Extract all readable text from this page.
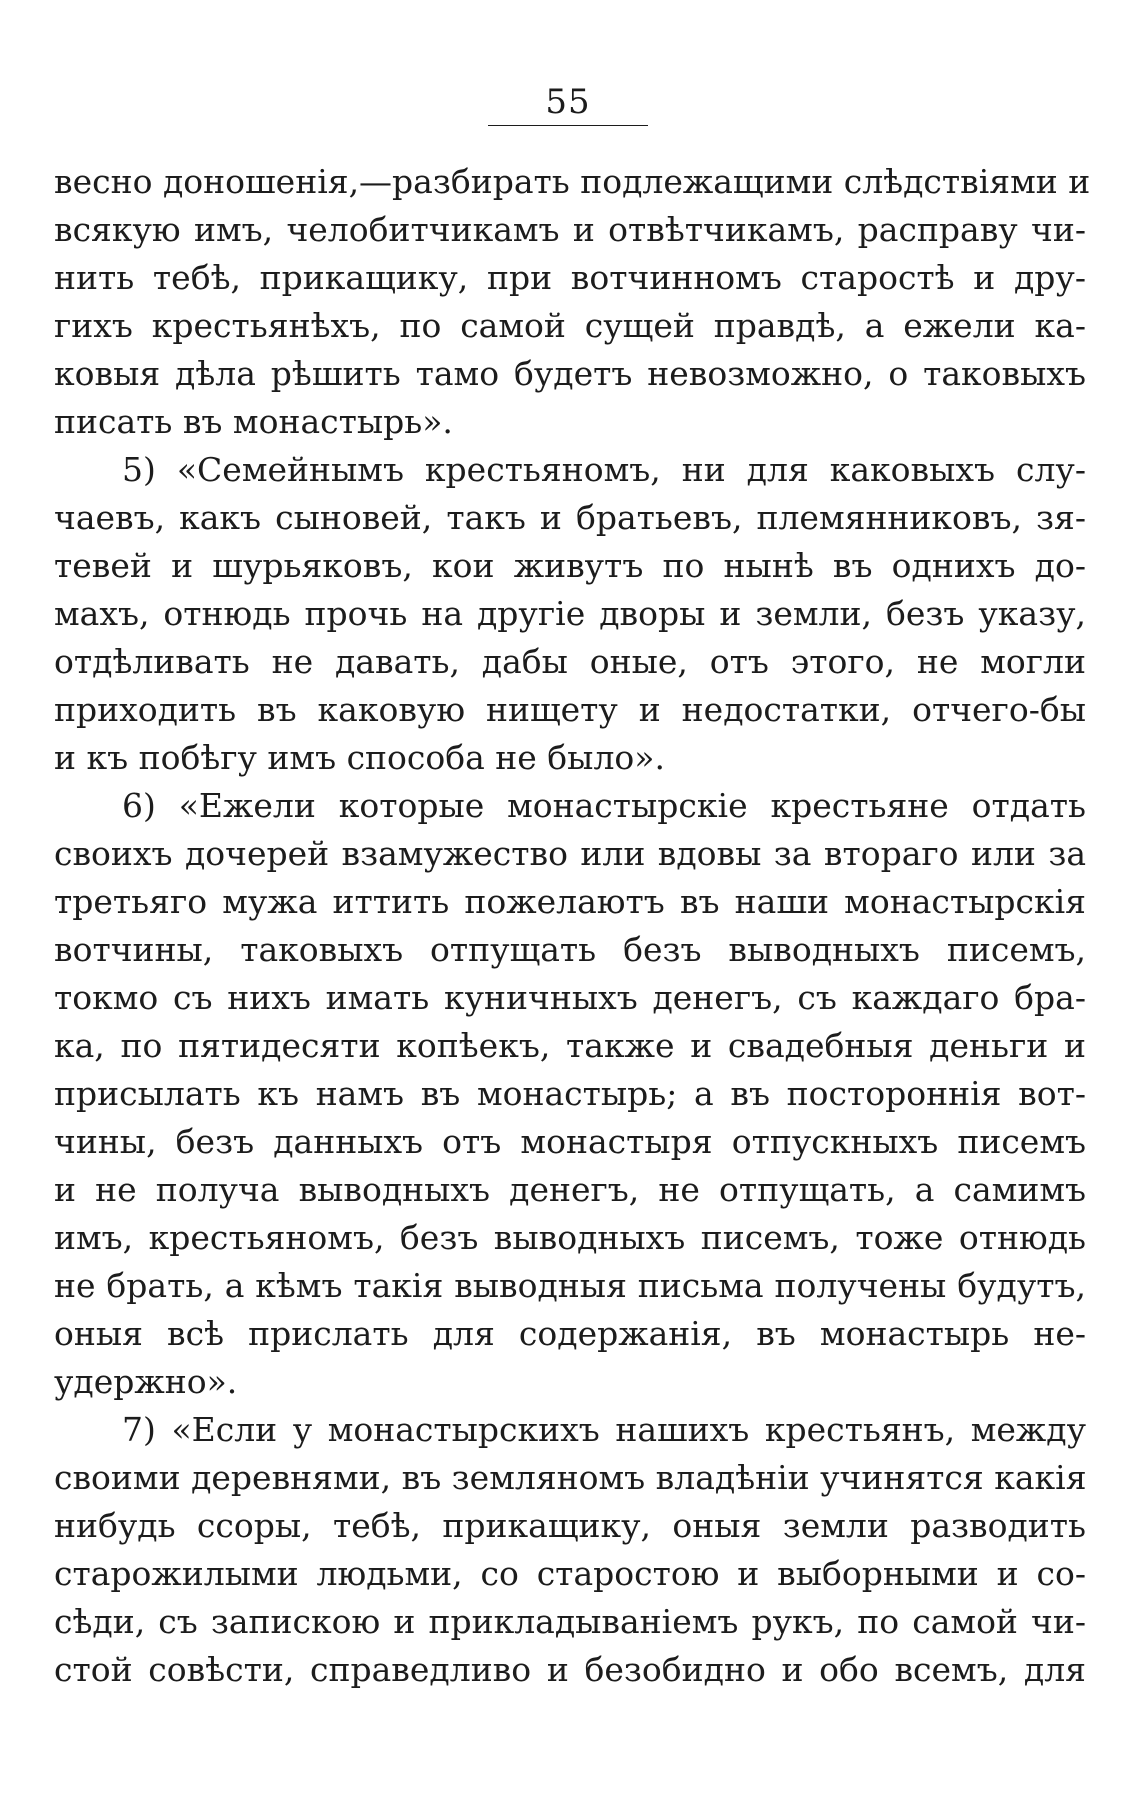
55
весно доношенія,—разбирать подлежащими слѣдствіями и
всякую имъ, челобитчикамъ и отвѣтчикамъ, расправу чи-
нить тебѣ, прикащику, при вотчинномъ старостѣ и дру-
гихъ крестьянѣхъ, по самой сущей правдѣ, а ежели ка-
ковыя дѣла рѣшить тамо будетъ невозможно, о таковыхъ
писать въ монастырь».
5) «Семейнымъ крестьяномъ, ни для каковыхъ слу-
чаевъ, какъ сыновей, такъ и братьевъ, племянниковъ, зя-
тевей и шурьяковъ, кои живутъ по нынѣ въ однихъ до-
махъ, отнюдь прочь на другіе дворы и земли, безъ указу,
отдѣливать не давать, дабы оные, отъ этого, не могли
приходить въ каковую нищету и недостатки, отчего-бы
и къ побѣгу имъ способа не было».
6) «Ежели которые монастырскіе крестьяне отдать
своихъ дочерей взамужество или вдовы за втораго или за
третьяго мужа иттить пожелаютъ въ наши монастырскія
вотчины, таковыхъ отпущать безъ выводныхъ писемъ,
токмо съ нихъ имать куничныхъ денегъ, съ каждаго бра-
ка, по пятидесяти копѣекъ, также и свадебныя деньги и
присылать къ намъ въ монастырь; а въ постороннія вот-
чины, безъ данныхъ отъ монастыря отпускныхъ писемъ
и не получа выводныхъ денегъ, не отпущать, а самимъ
имъ, крестьяномъ, безъ выводныхъ писемъ, тоже отнюдь
не брать, а кѣмъ такія выводныя письма получены будутъ,
оныя всѣ прислать для содержанія, въ монастырь не-
удержно».
7) «Если у монастырскихъ нашихъ крестьянъ, между
своими деревнями, въ земляномъ владѣніи учинятся какія
нибудь ссоры, тебѣ, прикащику, оныя земли разводить
старожилыми людьми, со старостою и выборными и со-
сѣди, съ запискою и прикладываніемъ рукъ, по самой чи-
стой совѣсти, справедливо и безобидно и обо всемъ, для
